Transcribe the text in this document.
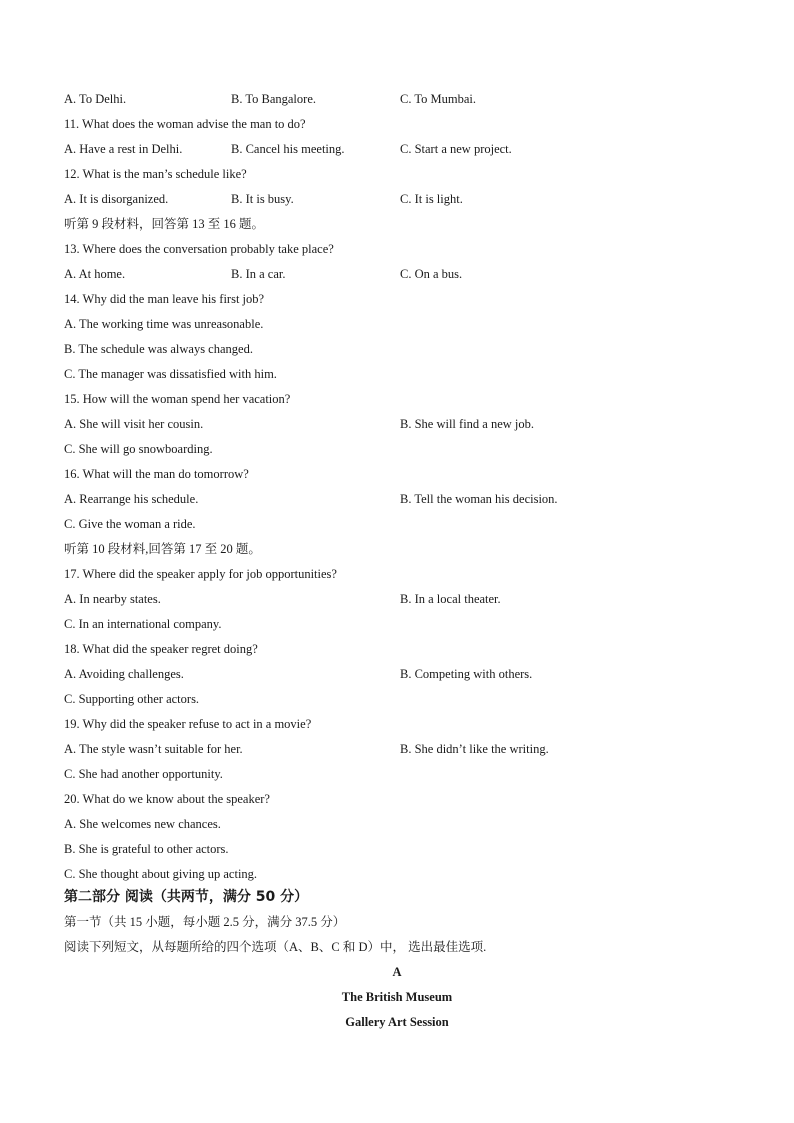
A. To Delhi.	B. To Bangalore.	C. To Mumbai.
11. What does the woman advise the man to do?
A. Have a rest in Delhi.	B. Cancel his meeting.	C. Start a new project.
12. What is the man’s schedule like?
A. It is disorganized.	B. It is busy.	C. It is light.
听第 9 段材料，回答第 13 至 16 题。
13. Where does the conversation probably take place?
A. At home.	B. In a car.	C. On a bus.
14. Why did the man leave his first job?
A. The working time was unreasonable.
B. The schedule was always changed.
C. The manager was dissatisfied with him.
15. How will the woman spend her vacation?
A. She will visit her cousin.	B. She will find a new job.
C. She will go snowboarding.
16. What will the man do tomorrow?
A. Rearrange his schedule.	B. Tell the woman his decision.
C. Give the woman a ride.
听第 10 段材料,回答第 17 至 20 题。
17. Where did the speaker apply for job opportunities?
A. In nearby states.	B. In a local theater.
C. In an international company.
18. What did the speaker regret doing?
A. Avoiding challenges.	B. Competing with others.
C. Supporting other actors.
19. Why did the speaker refuse to act in a movie?
A. The style wasn’t suitable for her.	B. She didn’t like the writing.
C. She had another opportunity.
20. What do we know about the speaker?
A. She welcomes new chances.
B. She is grateful to other actors.
C. She thought about giving up acting.
第二部分 阅读（共两节，满分 50 分）
第一节（共 15 小题，每小题 2.5 分，满分 37.5 分）
阅读下列短文，从每题所给的四个选项（A、B、C 和 D）中， 选出最佳选项.
A
The British Museum
Gallery Art Session
